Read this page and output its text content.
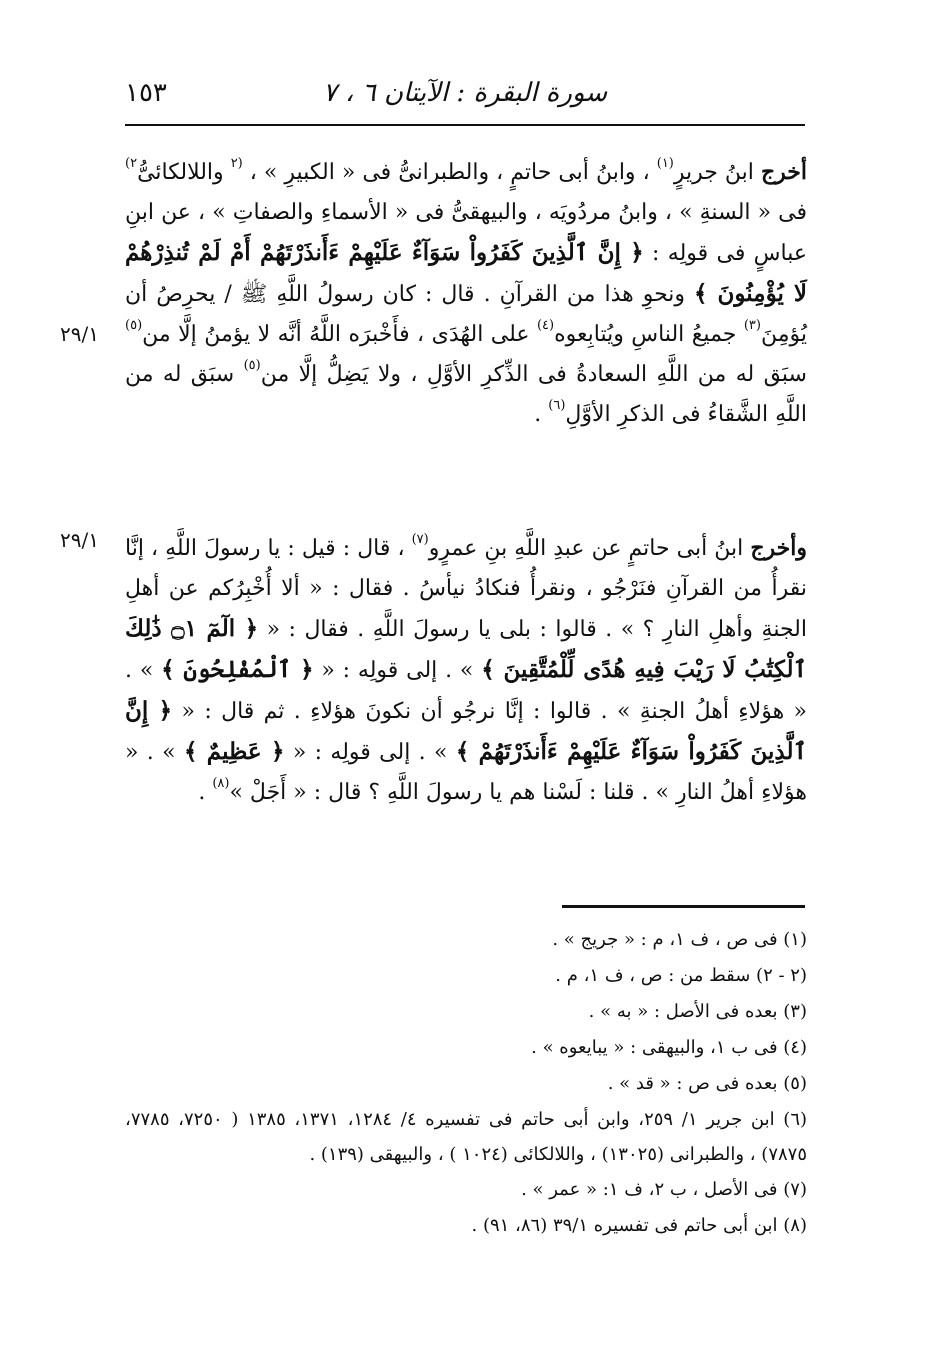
سورة البقرة : الآيتان ٦ ، ٧
١٥٣
٢٩/١
٢٩/١

أخرج ابنُ جريرٍ$^{(١)}$ ، وابنُ أبى حاتمٍ ، والطبرانىُّ فى « الكبيرِ » ، $^{(٢}$ واللالكائىُّ$^{٢)}$ فى « السنةِ » ، وابنُ مردُويَه ، والبيهقىُّ فى « الأسماءِ والصفاتِ » ، عن ابنِ عباسٍ فى قولِه : ﴿ إِنَّ ٱلَّذِينَ كَفَرُواْ سَوَآءٌ عَلَيْهِمْ ءَأَنذَرْتَهُمْ أَمْ لَمْ تُنذِرْهُمْ لَا يُؤْمِنُونَ ﴾ ونحوِ هذا من القرآنِ . قال : كان رسولُ اللَّهِ ﷺ / يحرِصُ أن يُؤمِنَ$^{(٣)}$ جميعُ الناسِ ويُتابِعوه$^{(٤)}$ على الهُدَى ، فأَخْبرَه اللَّهُ أنَّه لا يؤمنُ إلَّا من$^{(٥)}$ سبَق له من اللَّهِ السعادةُ فى الذِّكرِ الأوَّلِ ، ولا يَضِلُّ إلَّا من$^{(٥)}$ سبَق له من اللَّهِ الشَّقاءُ فى الذكرِ الأوَّلِ$^{(٦)}$ .

وأخرج ابنُ أبى حاتمٍ عن عبدِ اللَّهِ بنِ عمرٍو$^{(٧)}$ ، قال : قيل : يا رسولَ اللَّهِ ، إنَّا نقرأُ من القرآنِ فنَرْجُو ، ونقرأُ فنكادُ نيأسُ . فقال : « ألا أُخْبِرُكم عن أهلِ الجنةِ وأهلِ النارِ ؟ » . قالوا : بلى يا رسولَ اللَّهِ . فقال : « ﴿ الٓمٓ ۝١ ذَٰلِكَ ٱلْكِتَٰبُ لَا رَيْبَ فِيهِ هُدًى لِّلْمُتَّقِينَ ﴾ » . إلى قولِه : « ﴿ ٱلْمُفْلِحُونَ ﴾ » . « هؤلاءِ أهلُ الجنةِ » . قالوا : إنَّا نرجُو أن نكونَ هؤلاءِ . ثم قال : « ﴿ إِنَّ ٱلَّذِينَ كَفَرُواْ سَوَآءٌ عَلَيْهِمْ ءَأَنذَرْتَهُمْ ﴾ » . إلى قولِه : « ﴿ عَظِيمٌ ﴾ » . « هؤلاءِ أهلُ النارِ » . قلنا : لَسْنا هم يا رسولَ اللَّهِ ؟ قال : « أَجَلْ »$^{(٨)}$ .

(١) فى ص ، ف ١، م : « جريج » .

(٢ - ٢) سقط من : ص ، ف ١، م .

(٣) بعده فى الأصل : « به » .

(٤) فى ب ١، والبيهقى : « يبايعوه » .

(٥) بعده فى ص : « قد » .

(٦) ابن جرير ١/ ٢٥٩، وابن أبى حاتم فى تفسيره ٤/ ١٢٨٤، ١٣٧١، ١٣٨٥ ( ٧٢٥٠، ٧٧٨٥، ٧٨٧٥) ، والطبرانى (١٣٠٢٥) ، واللالكائى (١٠٢٤ ) ، والبيهقى (١٣٩) .

(٧) فى الأصل ، ب ٢، ف ١: « عمر » .

(٨) ابن أبى حاتم فى تفسيره ٣٩/١ (٨٦، ٩١) .
